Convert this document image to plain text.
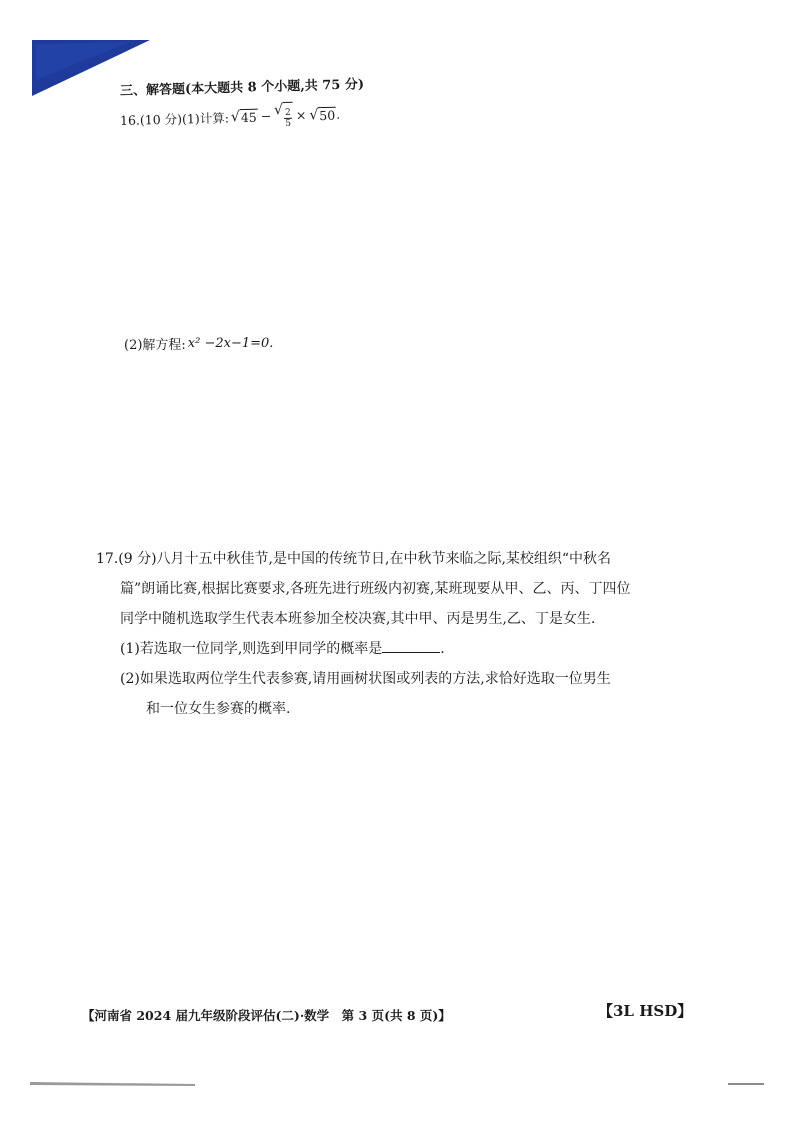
三、解答题(本大题共 8 个小题,共 75 分)
16.(10 分)(1)计算: √ 45 − √ $\frac{2}{5}$ × √ 50 .
(2)解方程: x² −2x−1=0.
17.(9 分)八月十五中秋佳节,是中国的传统节日,在中秋节来临之际,某校组织“中秋名
篇”朗诵比赛,根据比赛要求,各班先进行班级内初赛,某班现要从甲、乙、丙、丁四位
同学中随机选取学生代表本班参加全校决赛,其中甲、丙是男生,乙、丁是女生.
(1)若选取一位同学,则选到甲同学的概率是	.
(2)如果选取两位学生代表参赛,请用画树状图或列表的方法,求恰好选取一位男生
和一位女生参赛的概率.
【河南省 2024 届九年级阶段评估(二)·数学　第 3 页(共 8 页)】	【3L HSD】
